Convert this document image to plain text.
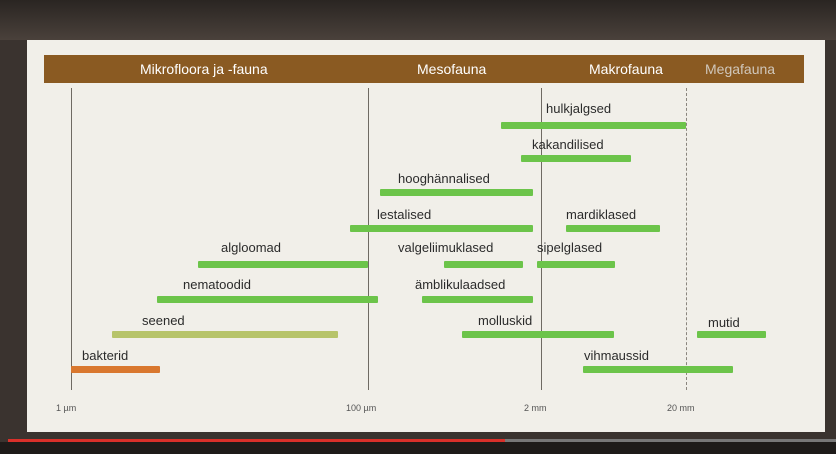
Mikrofloora ja -fauna	Mesofauna	Makrofauna	Megafauna
hulkjalgsed
kakandilised
hooghännalised
lestalised	mardiklased
algloomad	valgeliimuklased	sipelglased
nematoodid	ämblikulaadsed
seened	molluskid	mutid
bakterid	vihmaussid
1 µm	100 µm	2 mm	20 mm
